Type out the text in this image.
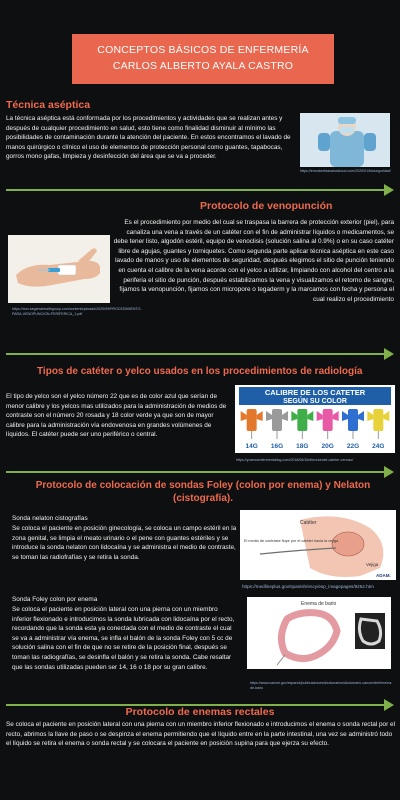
CONCEPTOS BÁSICOS DE ENFERMERÍA
CARLOS ALBERTO AYALA CASTRO
Técnica aséptica
La técnica aséptica está conformada por los procedimientos y actividades que se realizan antes y después de cualquier procedimiento en salud, esto tiene como finalidad disminuir al mínimo las posibilidades de contaminación durante la atención del paciente. En estos encontramos el lavado de manos quirúrgico o clínico el uso de elementos de protección personal como guantes, tapabocas, gorros mono gafas, limpieza y desinfección del área que se va a proceder.
https://encolombiasaludcloud.com/2020/01/bioseguridad/
Protocolo de venopunción
Es el procedimiento por medio del cual se traspasa la barrera de protección exterior (piel), para canaliza una vena a través de un catéter con el fin de administrar líquidos o medicamentos, se debe tener listo, algodón estéril, equipo de venoclisis (solución salina al 0.9%) o en su caso catéter libre de agujas, guantes y torniquetes. Como segunda parte aplicar técnica aséptica en este caso lavado de manos y uso de elementos de seguridad, después elegimos el sitio de punción teniendo en cuenta el calibre de la vena acorde con el yelco a utilizar, limpiando con alcohol del centro a la periferia el sitio de punción, después estabilizamos la vena y visualizamos el retorno de sangre, fijamos la venopunción, fijamos con micropore o tegaderm y la marcamos con fecha y persona el cual realizo el procedimiento
https://rsm.segarrahealthgroup.com/content/uploads/2020/09/PROCEDIMIENTO-PARA-VENOPUNCION-PERIFERICA_1.pdf
Tipos de catéter o yelco usados en los procedimientos de radiología
El tipo de yelco son el yelco número 22 que es de color azul que serían de menor calibre y los yelcos mas utilizados para la administración de medios de contraste son el número 20 rosada y 18 color verde ya que son de mayor calibre para la administración vía endovenosa en grandes volúmenes de líquidos. El catéter puede ser uno periférico o central.
CALIBRE DE LOS CATETER
SEGÚN SU COLOR
14G 16G 18G 20G 22G 24G
https://yoamoenfermeriablog.com/2018/06/16/elecciondel-cateter-venoso/
Protocolo de colocación de sondas Foley (colon por enema) y Nelaton (cistografía).
Sonda nelaton cistografías
Se coloca el paciente en posición ginecología, se coloca un campo estéril en la zona genital, se limpia el meato urinario o el pene con guantes estériles y se introduce la sonda nelaton con lidocaína y se administra el medio de contraste, se toman las radiofrafías y se retira la sonda.
Sonda Foley colon por enema
Se coloca el paciente en posición lateral con una pierna con un miembro inferior flexionado e introducimos la sonda lubricada con lidocaína por el recto, recordando que la sonda esta ya conectada con el medio de contraste el cual se va a administrar vía enema, se infla el balón de la sonda Foley con 5 cc de solución salina con el fin de que no se retire de la posición final, después se toman las radiografías, se desinfla el balón y se retira la sonda. Cabe resaltar que las sondas utilizadas pueden ser 14, 16 o 18 por su gran calibre.
Catéter
El medio de contraste fluye por el catéter hacia la vejiga
Vejiga
ADAM.
https://medlineplus.gov/spanish/ency/esp_imagepages/9252.htm
Enema de bario
https://www.cancer.gov/espanol/publicaciones/diccionarios/diccionario-cancer/def/enema-de-bario
Protocolo de enemas rectales
Se coloca el paciente en posición lateral con una pierna con un miembro inferior flexionado e introducimos el enema o sonda rectal por el recto, abrimos la llave de paso o se despinza el enema permitiendo que el líquido entre en la parte intestinal, una vez se administró todo el líquido se retira el enema o sonda rectal y se colocara el paciente en posición supina para que ejerza su efecto.
